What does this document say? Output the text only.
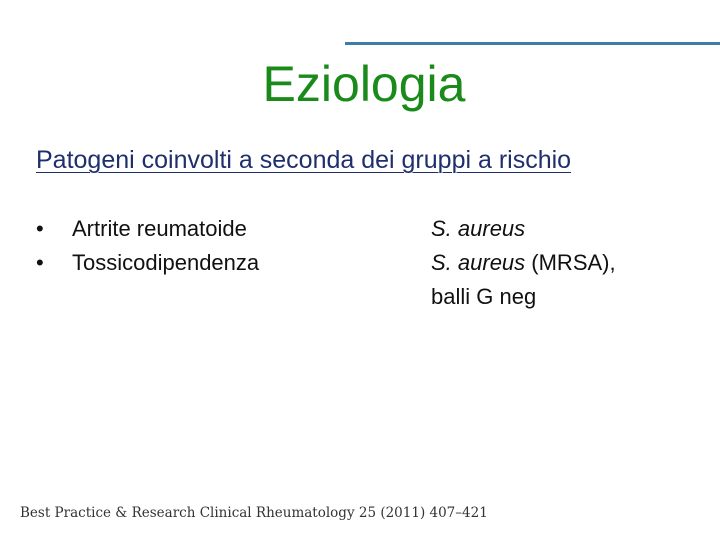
Eziologia
Patogeni coinvolti a seconda dei gruppi a rischio
•	Artrite reumatoide
•	Tossicodipendenza
S. aureus
S. aureus (MRSA),
balli G neg
Best Practice & Research Clinical Rheumatology 25 (2011) 407–421
